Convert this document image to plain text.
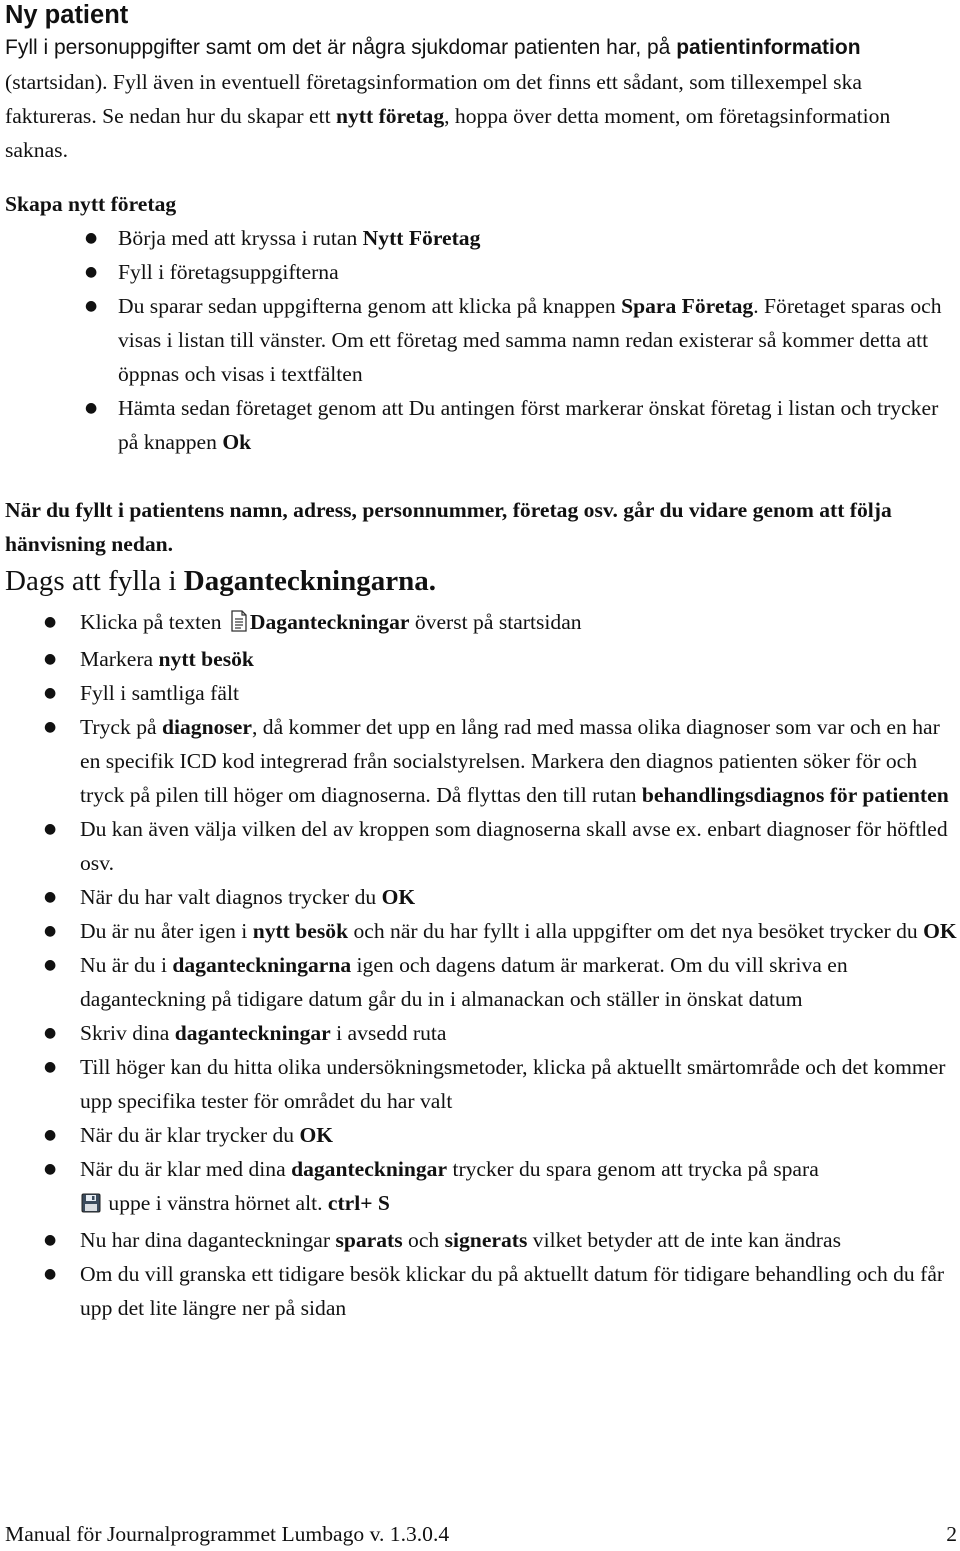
Ny patient

Fyll i personuppgifter samt om det är några sjukdomar patienten har, på patientinformation (startsidan). Fyll även in eventuell företagsinformation om det finns ett sådant, som tillexempel ska faktureras. Se nedan hur du skapar ett nytt företag, hoppa över detta moment, om företagsinformation saknas.

Skapa nytt företag

● Börja med att kryssa i rutan Nytt Företag
● Fyll i företagsuppgifterna
● Du sparar sedan uppgifterna genom att klicka på knappen Spara Företag. Företaget sparas och visas i listan till vänster. Om ett företag med samma namn redan existerar så kommer detta att öppnas och visas i textfälten
● Hämta sedan företaget genom att Du antingen först markerar önskat företag i listan och trycker på knappen Ok

När du fyllt i patientens namn, adress, personnummer, företag osv. går du vidare genom att följa hänvisning nedan.

Dags att fylla i Daganteckningarna.

● Klicka på texten Daganteckningar överst på startsidan
● Markera nytt besök
● Fyll i samtliga fält
● Tryck på diagnoser, då kommer det upp en lång rad med massa olika diagnoser som var och en har en specifik ICD kod integrerad från socialstyrelsen. Markera den diagnos patienten söker för och tryck på pilen till höger om diagnoserna. Då flyttas den till rutan behandlingsdiagnos för patienten
● Du kan även välja vilken del av kroppen som diagnoserna skall avse ex. enbart diagnoser för höftled osv.
● När du har valt diagnos trycker du OK
● Du är nu åter igen i nytt besök och när du har fyllt i alla uppgifter om det nya besöket trycker du OK
● Nu är du i daganteckningarna igen och dagens datum är markerat. Om du vill skriva en daganteckning på tidigare datum går du in i almanackan och ställer in önskat datum
● Skriv dina daganteckningar i avsedd ruta
● Till höger kan du hitta olika undersökningsmetoder, klicka på aktuellt smärtområde och det kommer upp specifika tester för området du har valt
● När du är klar trycker du OK
● När du är klar med dina daganteckningar trycker du spara genom att trycka på spara
uppe i vänstra hörnet alt. ctrl+ S
● Nu har dina daganteckningar sparats och signerats vilket betyder att de inte kan ändras
● Om du vill granska ett tidigare besök klickar du på aktuellt datum för tidigare behandling och du får upp det lite längre ner på sidan
Manual för Journalprogrammet Lumbago v. 1.3.0.4	2
